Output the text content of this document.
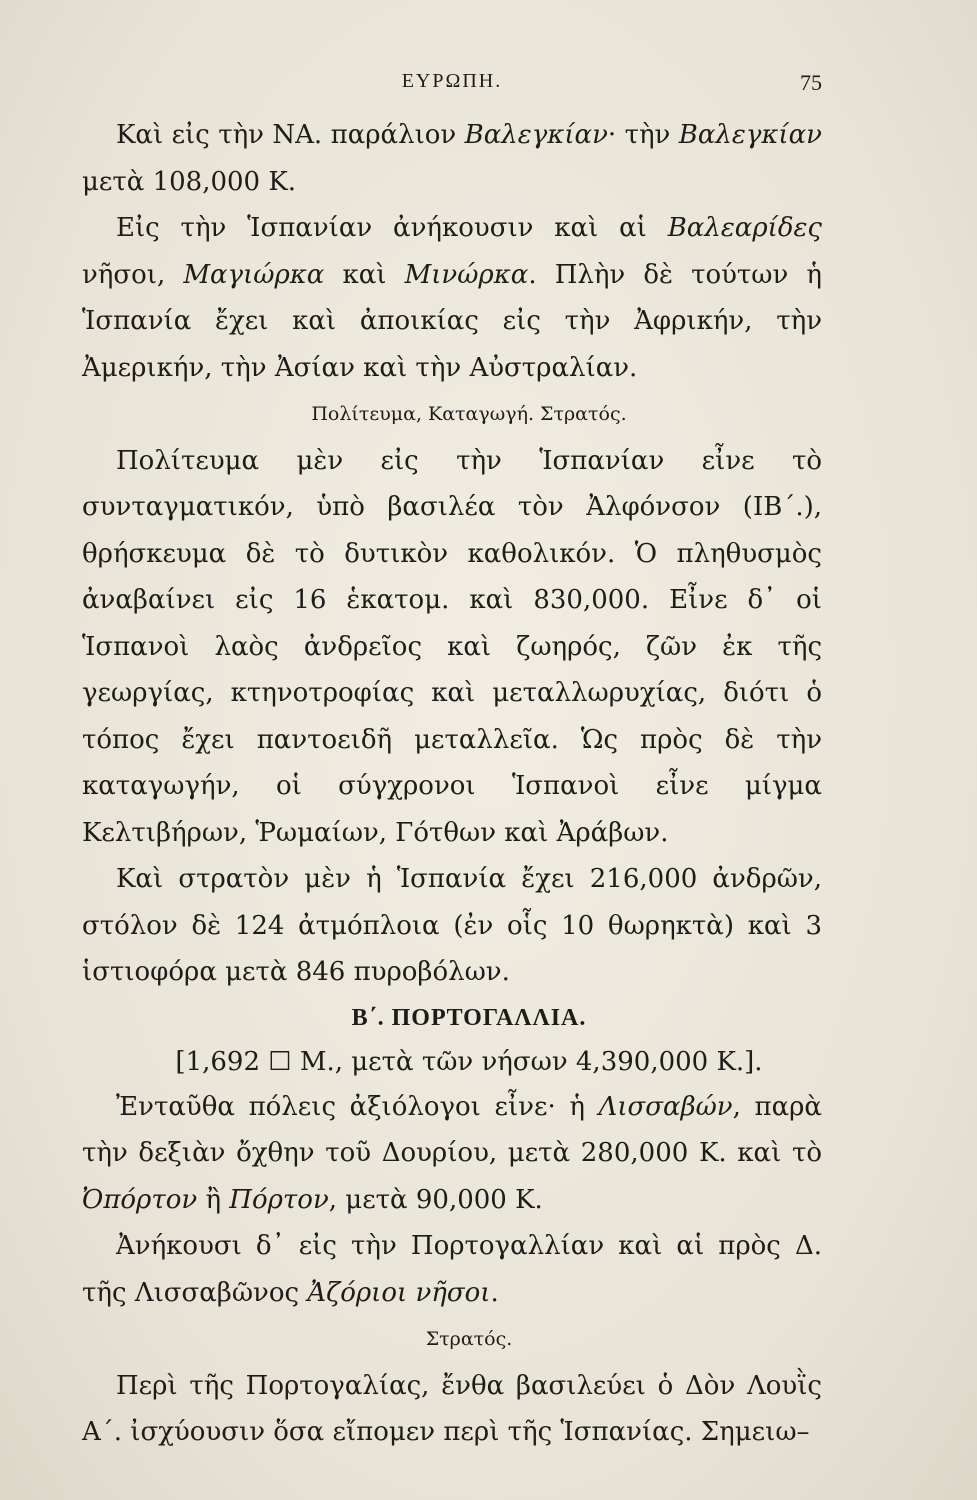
ΕΥΡΩΠΗ.	75

Καὶ εἰς τὴν ΝΑ. παράλιον Βαλεγκίαν· τὴν Βαλεγκίαν μετὰ 108,000 Κ.

Εἰς τὴν Ἱσπανίαν ἀνήκουσιν καὶ αἱ Βαλεαρίδες νῆσοι, Μαγιώρκα καὶ Μινώρκα. Πλὴν δὲ τούτων ἡ Ἱσπανία ἔχει καὶ ἀποικίας εἰς τὴν Ἀφρικήν, τὴν Ἀμερικήν, τὴν Ἀσίαν καὶ τὴν Αὐστραλίαν.

Πολίτευμα, Καταγωγή. Στρατός.

Πολίτευμα μὲν εἰς τὴν Ἱσπανίαν εἶνε τὸ συνταγματικόν, ὑπὸ βασιλέα τὸν Ἀλφόνσον (ΙΒ΄.), θρήσκευμα δὲ τὸ δυτικὸν καθολικόν. Ὁ πληθυσμὸς ἀναβαίνει εἰς 16 ἑκατομ. καὶ 830,000. Εἶνε δ᾽ οἱ Ἱσπανοὶ λαὸς ἀνδρεῖος καὶ ζωηρός, ζῶν ἐκ τῆς γεωργίας, κτηνοτροφίας καὶ μεταλλωρυχίας, διότι ὁ τόπος ἔχει παντοειδῆ μεταλλεῖα. Ὡς πρὸς δὲ τὴν καταγωγήν, οἱ σύγχρονοι Ἱσπανοὶ εἶνε μίγμα Κελτιβήρων, Ῥωμαίων, Γότθων καὶ Ἀράβων.

Καὶ στρατὸν μὲν ἡ Ἱσπανία ἔχει 216,000 ἀνδρῶν, στόλον δὲ 124 ἀτμόπλοια (ἐν οἷς 10 θωρηκτὰ) καὶ 3 ἱστιοφόρα μετὰ 846 πυροβόλων.

Β΄. ΠΟΡΤΟΓΑΛΛΙΑ.

[1,692 ☐ Μ., μετὰ τῶν νήσων 4,390,000 Κ.].

Ἐνταῦθα πόλεις ἀξιόλογοι εἶνε· ἡ Λισσαβών, παρὰ τὴν δεξιὰν ὄχθην τοῦ Δουρίου, μετὰ 280,000 Κ. καὶ τὸ Ὀπόρτον ἢ Πόρτον, μετὰ 90,000 Κ.

Ἀνήκουσι δ᾽ εἰς τὴν Πορτογαλλίαν καὶ αἱ πρὸς Δ. τῆς Λισσαβῶνος Ἀζόριοι νῆσοι.

Στρατός.

Περὶ τῆς Πορτογαλίας, ἔνθα βασιλεύει ὁ Δὸν Λουῒς Α΄. ἰσχύουσιν ὅσα εἴπομεν περὶ τῆς Ἱσπανίας. Σημειω–
